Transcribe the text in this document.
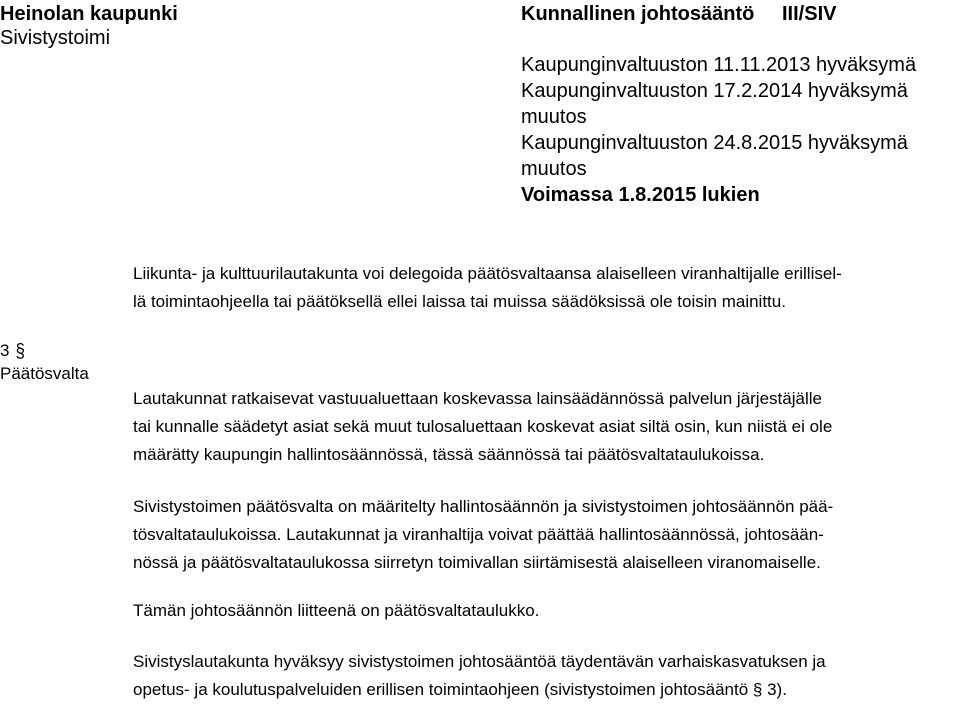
Heinolan kaupunki
Sivistystoimi
Kunnallinen johtosääntö III/SIV
Kaupunginvaltuuston 11.11.2013 hyväksymä
Kaupunginvaltuuston 17.2.2014 hyväksymä
muutos
Kaupunginvaltuuston 24.8.2015 hyväksymä
muutos
Voimassa 1.8.2015 lukien
Liikunta- ja kulttuurilautakunta voi delegoida päätösvaltaansa alaiselleen viranhaltijalle erillisel-
lä toimintaohjeella tai päätöksellä ellei laissa tai muissa säädöksissä ole toisin mainittu.
3 §
Päätösvalta
Lautakunnat ratkaisevat vastuualuettaan koskevassa lainsäädännössä palvelun järjestäjälle
tai kunnalle säädetyt asiat sekä muut tulosaluettaan koskevat asiat siltä osin, kun niistä ei ole
määrätty kaupungin hallintosäännössä, tässä säännössä tai päätösvaltataulukoissa.
Sivistystoimen päätösvalta on määritelty hallintosäännön ja sivistystoimen johtosäännön pää-
tösvaltataulukoissa. Lautakunnat ja viranhaltija voivat päättää hallintosäännössä, johtosään-
nössä ja päätösvaltataulukossa siirretyn toimivallan siirtämisestä alaiselleen viranomaiselle.
Tämän johtosäännön liitteenä on päätösvaltataulukko.
Sivistyslautakunta hyväksyy sivistystoimen johtosääntöä täydentävän varhaiskasvatuksen ja
opetus- ja koulutuspalveluiden erillisen toimintaohjeen (sivistystoimen johtosääntö § 3).
